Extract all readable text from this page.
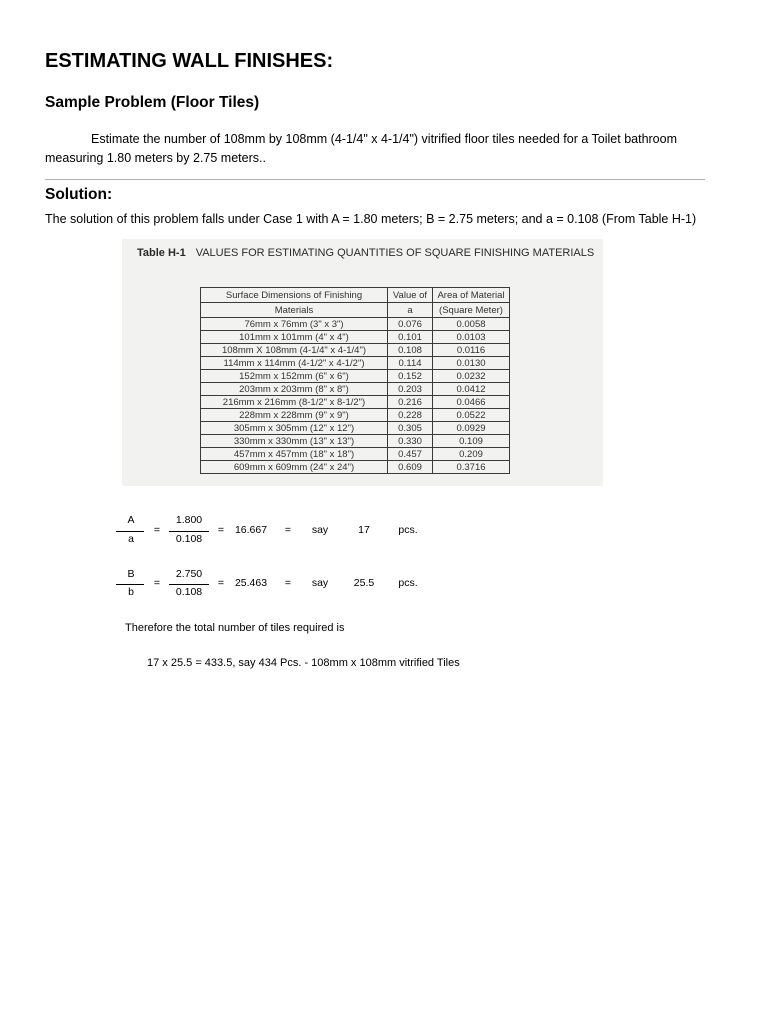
ESTIMATING WALL FINISHES:
Sample Problem (Floor Tiles)
Estimate the number of 108mm by 108mm (4-1/4" x 4-1/4") vitrified floor tiles needed for a Toilet bathroom measuring 1.80 meters by 2.75 meters..
Solution:
The solution of this problem falls under Case 1 with A = 1.80 meters; B = 2.75 meters; and a = 0.108 (From Table H-1)
Table H-1 VALUES FOR ESTIMATING QUANTITIES OF SQUARE FINISHING MATERIALS
Surface Dimensions of Finishing	Value of	Area of Material
Materials	a	(Square Meter)
76mm x 76mm (3" x 3")	0.076	0.0058
101mm x 101mm (4" x 4")	0.101	0.0103
108mm X 108mm (4-1/4" x 4-1/4")	0.108	0.0116
114mm x 114mm (4-1/2" x 4-1/2")	0.114	0.0130
152mm x 152mm (6" x 6")	0.152	0.0232
203mm x 203mm (8" x 8")	0.203	0.0412
216mm x 216mm (8-1/2" x 8-1/2")	0.216	0.0466
228mm x 228mm (9" x 9")	0.228	0.0522
305mm x 305mm (12" x 12")	0.305	0.0929
330mm x 330mm (13" x 13")	0.330	0.109
457mm x 457mm (18" x 18")	0.457	0.209
609mm x 609mm (24" x 24")	0.609	0.3716
A
a
=
1.800
0.108
=	16.667	=	say	17	pcs.
B
b
=
2.750
0.108
=	25.463	=	say	25.5	pcs.
Therefore the total number of tiles required is
17 x 25.5 = 433.5, say 434 Pcs. - 108mm x 108mm vitrified Tiles
